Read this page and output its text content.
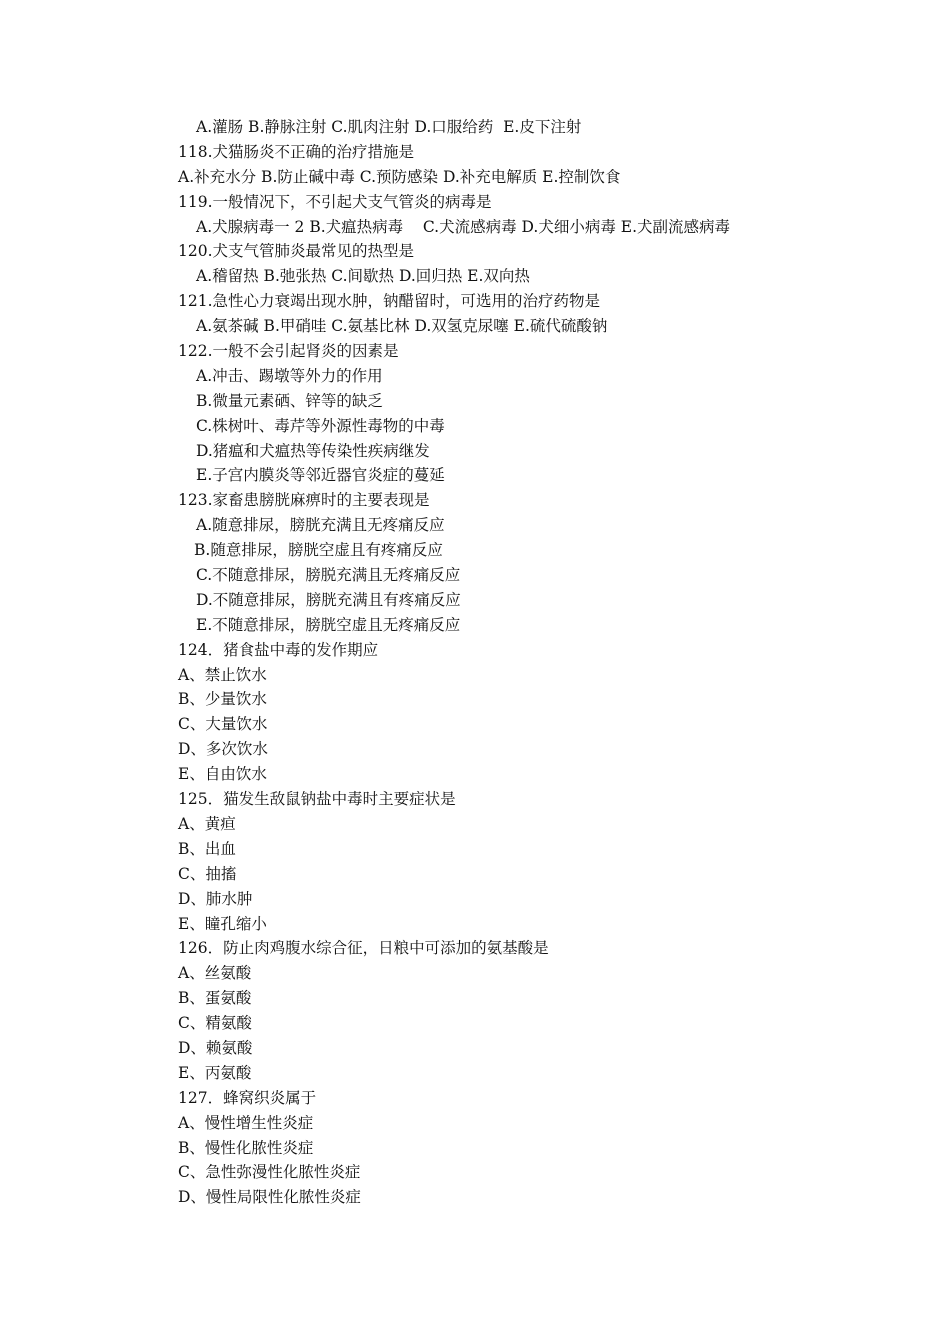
A.灌肠 B.静脉注射 C.肌肉注射 D.口服给药  E.皮下注射
118.犬猫肠炎不正确的治疗措施是
A.补充水分 B.防止碱中毒 C.预防感染 D.补充电解质 E.控制饮食
119.一般情况下，不引起犬支气管炎的病毒是
A.犬腺病毒一 2 B.犬瘟热病毒    C.犬流感病毒 D.犬细小病毒 E.犬副流感病毒
120.犬支气管肺炎最常见的热型是
A.稽留热 B.弛张热 C.间歇热 D.回归热 E.双向热
121.急性心力衰竭出现水肿，钠醋留时，可选用的治疗药物是
A.氨茶碱 B.甲硝哇 C.氨基比林 D.双氢克尿噻 E.硫代硫酸钠
122.一般不会引起肾炎的因素是
A.冲击、踢墩等外力的作用
B.微量元素硒、锌等的缺乏
C.株树叶、毒芹等外源性毒物的中毒
D.猪瘟和犬瘟热等传染性疾病继发
E.子宫内膜炎等邻近器官炎症的蔓延
123.家畜患膀胱麻痹时的主要表现是
A.随意排尿，膀胱充满且无疼痛反应
B.随意排尿，膀胱空虚且有疼痛反应
C.不随意排尿，膀脱充满且无疼痛反应
D.不随意排尿，膀胱充满且有疼痛反应
E.不随意排尿，膀胱空虚且无疼痛反应
124．猪食盐中毒的发作期应
A、禁止饮水
B、少量饮水
C、大量饮水
D、多次饮水
E、自由饮水
125．猫发生敌鼠钠盐中毒时主要症状是
A、黄疸
B、出血
C、抽搐
D、肺水肿
E、瞳孔缩小
126．防止肉鸡腹水综合征，日粮中可添加的氨基酸是
A、丝氨酸
B、蛋氨酸
C、精氨酸
D、赖氨酸
E、丙氨酸
127．蜂窝织炎属于
A、慢性增生性炎症
B、慢性化脓性炎症
C、急性弥漫性化脓性炎症
D、慢性局限性化脓性炎症
